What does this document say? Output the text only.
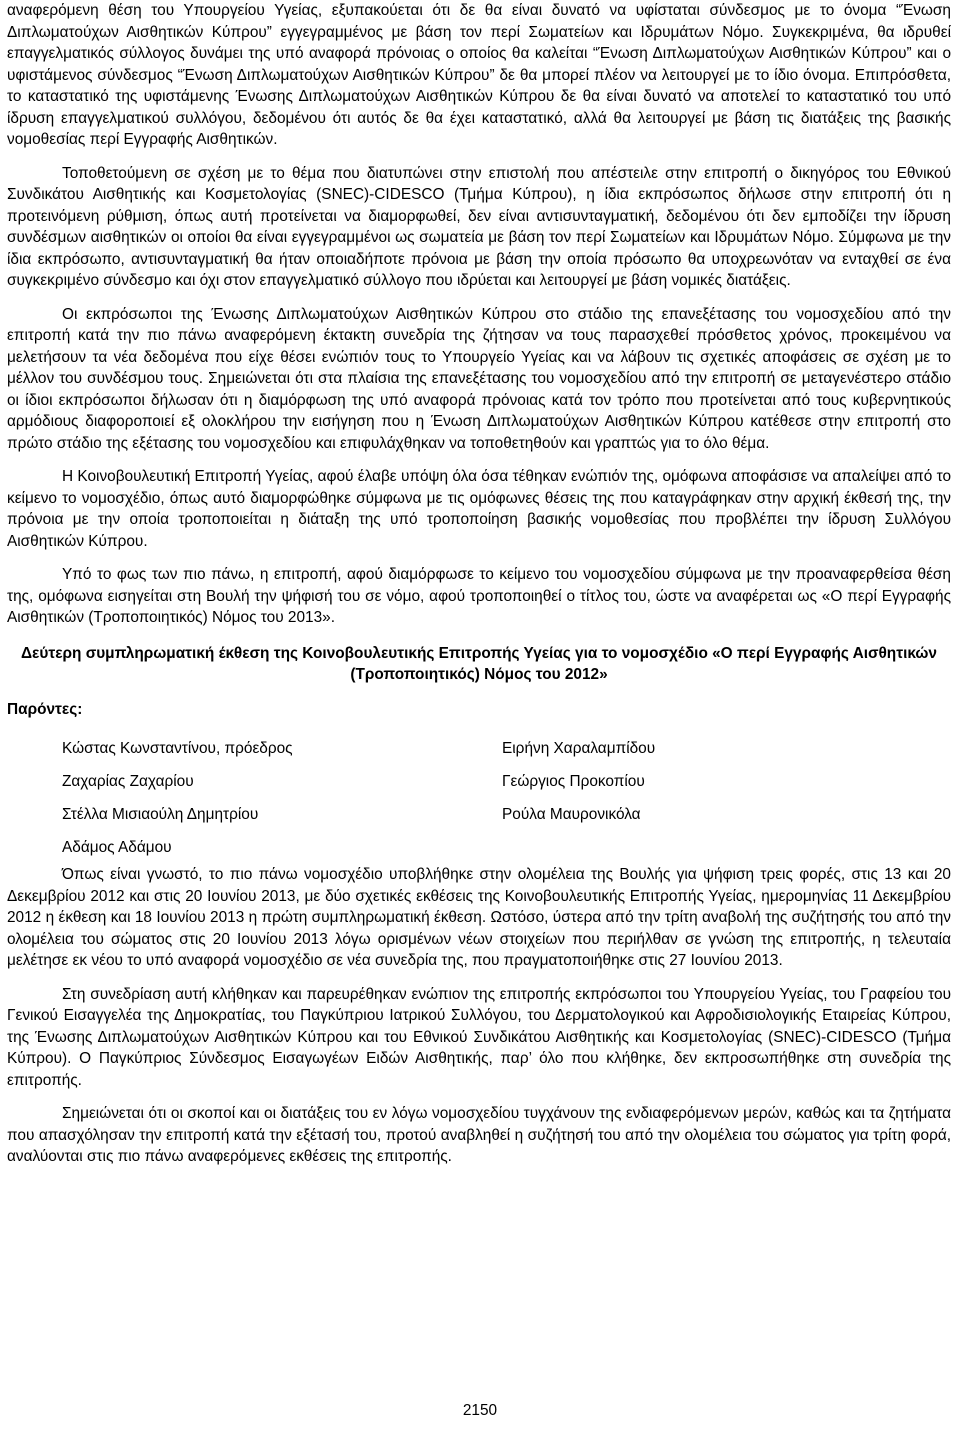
αναφερόμενη θέση του Υπουργείου Υγείας, εξυπακούεται ότι δε θα είναι δυνατό να υφίσταται σύνδεσμος με το όνομα “Ένωση Διπλωματούχων Αισθητικών Κύπρου” εγγεγραμμένος με βάση τον περί Σωματείων και Ιδρυμάτων Νόμο. Συγκεκριμένα, θα ιδρυθεί επαγγελματικός σύλλογος δυνάμει της υπό αναφορά πρόνοιας ο οποίος θα καλείται “Ένωση Διπλωματούχων Αισθητικών Κύπρου” και ο υφιστάμενος σύνδεσμος “Ένωση Διπλωματούχων Αισθητικών Κύπρου” δε θα μπορεί πλέον να λειτουργεί με το ίδιο όνομα. Επιπρόσθετα, το καταστατικό της υφιστάμενης Ένωσης Διπλωματούχων Αισθητικών Κύπρου δε θα είναι δυνατό να αποτελεί το καταστατικό του υπό ίδρυση επαγγελματικού συλλόγου, δεδομένου ότι αυτός δε θα έχει καταστατικό, αλλά θα λειτουργεί με βάση τις διατάξεις της βασικής νομοθεσίας περί Εγγραφής Αισθητικών.

Τοποθετούμενη σε σχέση με το θέμα που διατυπώνει στην επιστολή που απέστειλε στην επιτροπή ο δικηγόρος του Εθνικού Συνδικάτου Αισθητικής και Κοσμετολογίας (SNEC)-CIDESCO (Τμήμα Κύπρου), η ίδια εκπρόσωπος δήλωσε στην επιτροπή ότι η προτεινόμενη ρύθμιση, όπως αυτή προτείνεται να διαμορφωθεί, δεν είναι αντισυνταγματική, δεδομένου ότι δεν εμποδίζει την ίδρυση συνδέσμων αισθητικών οι οποίοι θα είναι εγγεγραμμένοι ως σωματεία με βάση τον περί Σωματείων και Ιδρυμάτων Νόμο. Σύμφωνα με την ίδια εκπρόσωπο, αντισυνταγματική θα ήταν οποιαδήποτε πρόνοια με βάση την οποία πρόσωπο θα υποχρεωνόταν να ενταχθεί σε ένα συγκεκριμένο σύνδεσμο και όχι στον επαγγελματικό σύλλογο που ιδρύεται και λειτουργεί με βάση νομικές διατάξεις.

Οι εκπρόσωποι της Ένωσης Διπλωματούχων Αισθητικών Κύπρου στο στάδιο της επανεξέτασης του νομοσχεδίου από την επιτροπή κατά την πιο πάνω αναφερόμενη έκτακτη συνεδρία της ζήτησαν να τους παρασχεθεί πρόσθετος χρόνος, προκειμένου να μελετήσουν τα νέα δεδομένα που είχε θέσει ενώπιόν τους το Υπουργείο Υγείας και να λάβουν τις σχετικές αποφάσεις σε σχέση με το μέλλον του συνδέσμου τους. Σημειώνεται ότι στα πλαίσια της επανεξέτασης του νομοσχεδίου από την επιτροπή σε μεταγενέστερο στάδιο οι ίδιοι εκπρόσωποι δήλωσαν ότι η διαμόρφωση της υπό αναφορά πρόνοιας κατά τον τρόπο που προτείνεται από τους κυβερνητικούς αρμόδιους διαφοροποιεί εξ ολοκλήρου την εισήγηση που η Ένωση Διπλωματούχων Αισθητικών Κύπρου κατέθεσε στην επιτροπή στο πρώτο στάδιο της εξέτασης του νομοσχεδίου και επιφυλάχθηκαν να τοποθετηθούν και γραπτώς για το όλο θέμα.

Η Κοινοβουλευτική Επιτροπή Υγείας, αφού έλαβε υπόψη όλα όσα τέθηκαν ενώπιόν της, ομόφωνα αποφάσισε να απαλείψει από το κείμενο το νομοσχέδιο, όπως αυτό διαμορφώθηκε σύμφωνα με τις ομόφωνες θέσεις της που καταγράφηκαν στην αρχική έκθεσή της, την πρόνοια με την οποία τροποποιείται η διάταξη της υπό τροποποίηση βασικής νομοθεσίας που προβλέπει την ίδρυση Συλλόγου Αισθητικών Κύπρου.

Υπό το φως των πιο πάνω, η επιτροπή, αφού διαμόρφωσε το κείμενο του νομοσχεδίου σύμφωνα με την προαναφερθείσα θέση της, ομόφωνα εισηγείται στη Βουλή την ψήφισή του σε νόμο, αφού τροποποιηθεί ο τίτλος του, ώστε να αναφέρεται ως «Ο περί Εγγραφής Αισθητικών (Τροποποιητικός) Νόμος του 2013».

Δεύτερη συμπληρωματική έκθεση της Κοινοβουλευτικής Επιτροπής Υγείας για το νομοσχέδιο «Ο περί Εγγραφής Αισθητικών (Τροποποιητικός) Νόμος του 2012»
Παρόντες:
Κώστας Κωνσταντίνου, πρόεδρος	Ειρήνη Χαραλαμπίδου
Ζαχαρίας Ζαχαρίου	Γεώργιος Προκοπίου
Στέλλα Μισιαούλη Δημητρίου	Ρούλα Μαυρονικόλα
Αδάμος Αδάμου

Όπως είναι γνωστό, το πιο πάνω νομοσχέδιο υποβλήθηκε στην ολομέλεια της Βουλής για ψήφιση τρεις φορές, στις 13 και 20 Δεκεμβρίου 2012 και στις 20 Ιουνίου 2013, με δύο σχετικές εκθέσεις της Κοινοβουλευτικής Επιτροπής Υγείας, ημερομηνίας 11 Δεκεμβρίου 2012 η έκθεση και 18 Ιουνίου 2013 η πρώτη συμπληρωματική έκθεση. Ωστόσο, ύστερα από την τρίτη αναβολή της συζήτησής του από την ολομέλεια του σώματος στις 20 Ιουνίου 2013 λόγω ορισμένων νέων στοιχείων που περιήλθαν σε γνώση της επιτροπής, η τελευταία μελέτησε εκ νέου το υπό αναφορά νομοσχέδιο σε νέα συνεδρία της, που πραγματοποιήθηκε στις 27 Ιουνίου 2013.

Στη συνεδρίαση αυτή κλήθηκαν και παρευρέθηκαν ενώπιον της επιτροπής εκπρόσωποι του Υπουργείου Υγείας, του Γραφείου του Γενικού Εισαγγελέα της Δημοκρατίας, του Παγκύπριου Ιατρικού Συλλόγου, του Δερματολογικού και Αφροδισιολογικής Εταιρείας Κύπρου, της Ένωσης Διπλωματούχων Αισθητικών Κύπρου και του Εθνικού Συνδικάτου Αισθητικής και Κοσμετολογίας (SNEC)-CIDESCO (Τμήμα Κύπρου). Ο Παγκύπριος Σύνδεσμος Εισαγωγέων Ειδών Αισθητικής, παρ’ όλο που κλήθηκε, δεν εκπροσωπήθηκε στη συνεδρία της επιτροπής.

Σημειώνεται ότι οι σκοποί και οι διατάξεις του εν λόγω νομοσχεδίου τυγχάνουν της ενδιαφερόμενων μερών, καθώς και τα ζητήματα που απασχόλησαν την επιτροπή κατά την εξέτασή του, προτού αναβληθεί η συζήτησή του από την ολομέλεια του σώματος για τρίτη φορά, αναλύονται στις πιο πάνω αναφερόμενες εκθέσεις της επιτροπής.

2150
